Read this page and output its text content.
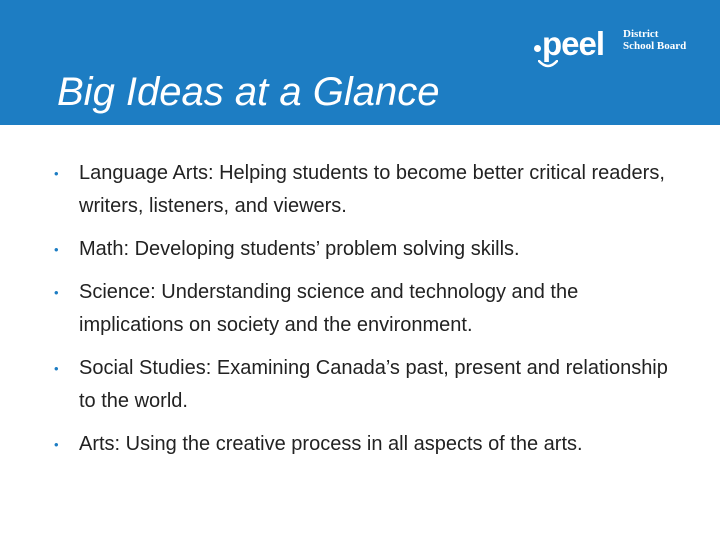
Big Ideas at a Glance
peel District
School Board
• Language Arts: Helping students to become better critical readers, writers, listeners, and viewers.
• Math: Developing students’ problem solving skills.
• Science: Understanding science and technology and the implications on society and the environment.
• Social Studies: Examining Canada’s past, present and relationship to the world.
• Arts: Using the creative process in all aspects of the arts.
